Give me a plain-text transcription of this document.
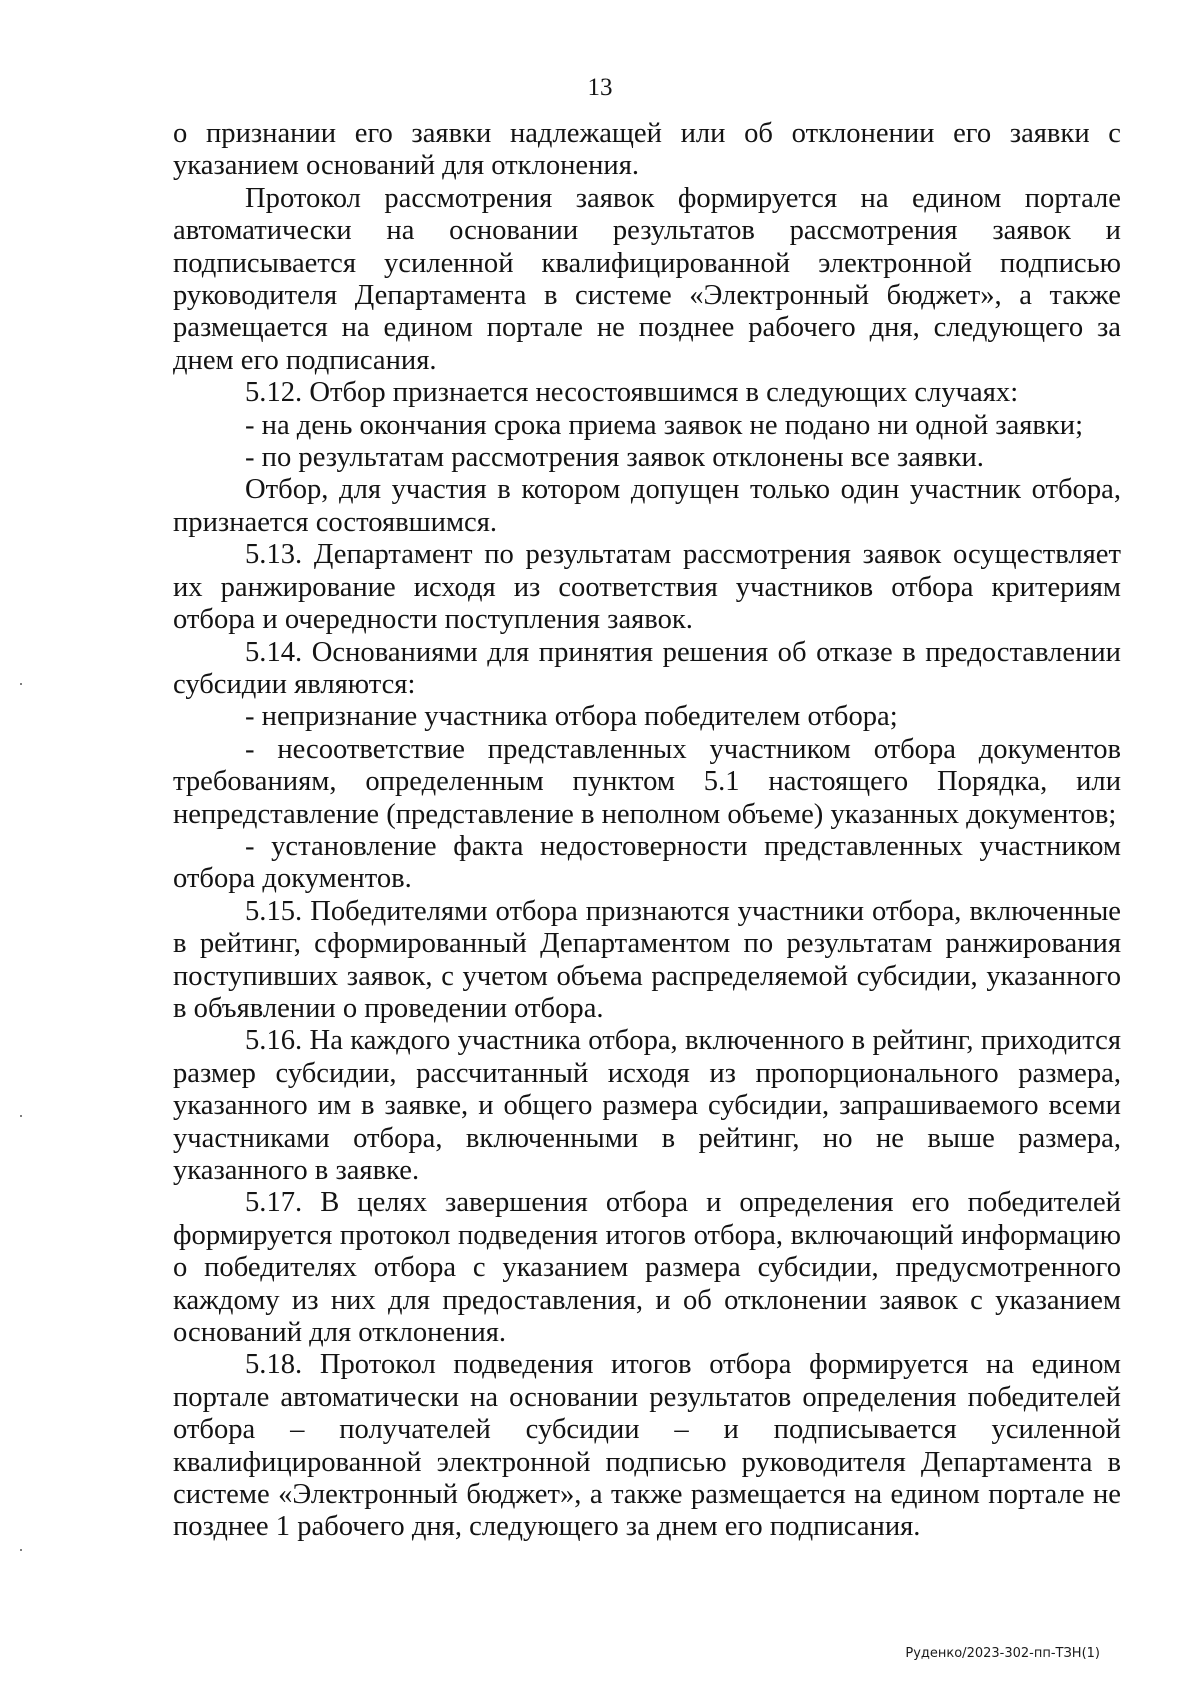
13

о признании его заявки надлежащей или об отклонении его заявки с указанием оснований для отклонения.

Протокол рассмотрения заявок формируется на едином портале автоматически на основании результатов рассмотрения заявок и подписывается усиленной квалифицированной электронной подписью руководителя Департамента в системе «Электронный бюджет», а также размещается на едином портале не позднее рабочего дня, следующего за днем его подписания.

5.12. Отбор признается несостоявшимся в следующих случаях:

- на день окончания срока приема заявок не подано ни одной заявки;

- по результатам рассмотрения заявок отклонены все заявки.

Отбор, для участия в котором допущен только один участник отбора, признается состоявшимся.

5.13. Департамент по результатам рассмотрения заявок осуществляет их ранжирование исходя из соответствия участников отбора критериям отбора и очередности поступления заявок.

5.14. Основаниями для принятия решения об отказе в предоставлении субсидии являются:

- непризнание участника отбора победителем отбора;

- несоответствие представленных участником отбора документов требованиям, определенным пунктом 5.1 настоящего Порядка, или непредставление (представление в неполном объеме) указанных документов;

- установление факта недостоверности представленных участником отбора документов.

5.15. Победителями отбора признаются участники отбора, включенные в рейтинг, сформированный Департаментом по результатам ранжирования поступивших заявок, с учетом объема распределяемой субсидии, указанного в объявлении о проведении отбора.

5.16. На каждого участника отбора, включенного в рейтинг, приходится размер субсидии, рассчитанный исходя из пропорционального размера, указанного им в заявке, и общего размера субсидии, запрашиваемого всеми участниками отбора, включенными в рейтинг, но не выше размера, указанного в заявке.

5.17. В целях завершения отбора и определения его победителей формируется протокол подведения итогов отбора, включающий информацию о победителях отбора с указанием размера субсидии, предусмотренного каждому из них для предоставления, и об отклонении заявок с указанием оснований для отклонения.

5.18. Протокол подведения итогов отбора формируется на едином портале автоматически на основании результатов определения победителей отбора – получателей субсидии – и подписывается усиленной квалифицированной электронной подписью руководителя Департамента в системе «Электронный бюджет», а также размещается на едином портале не позднее 1 рабочего дня, следующего за днем его подписания.

Руденко/2023-302-пп-ТЗН(1)
